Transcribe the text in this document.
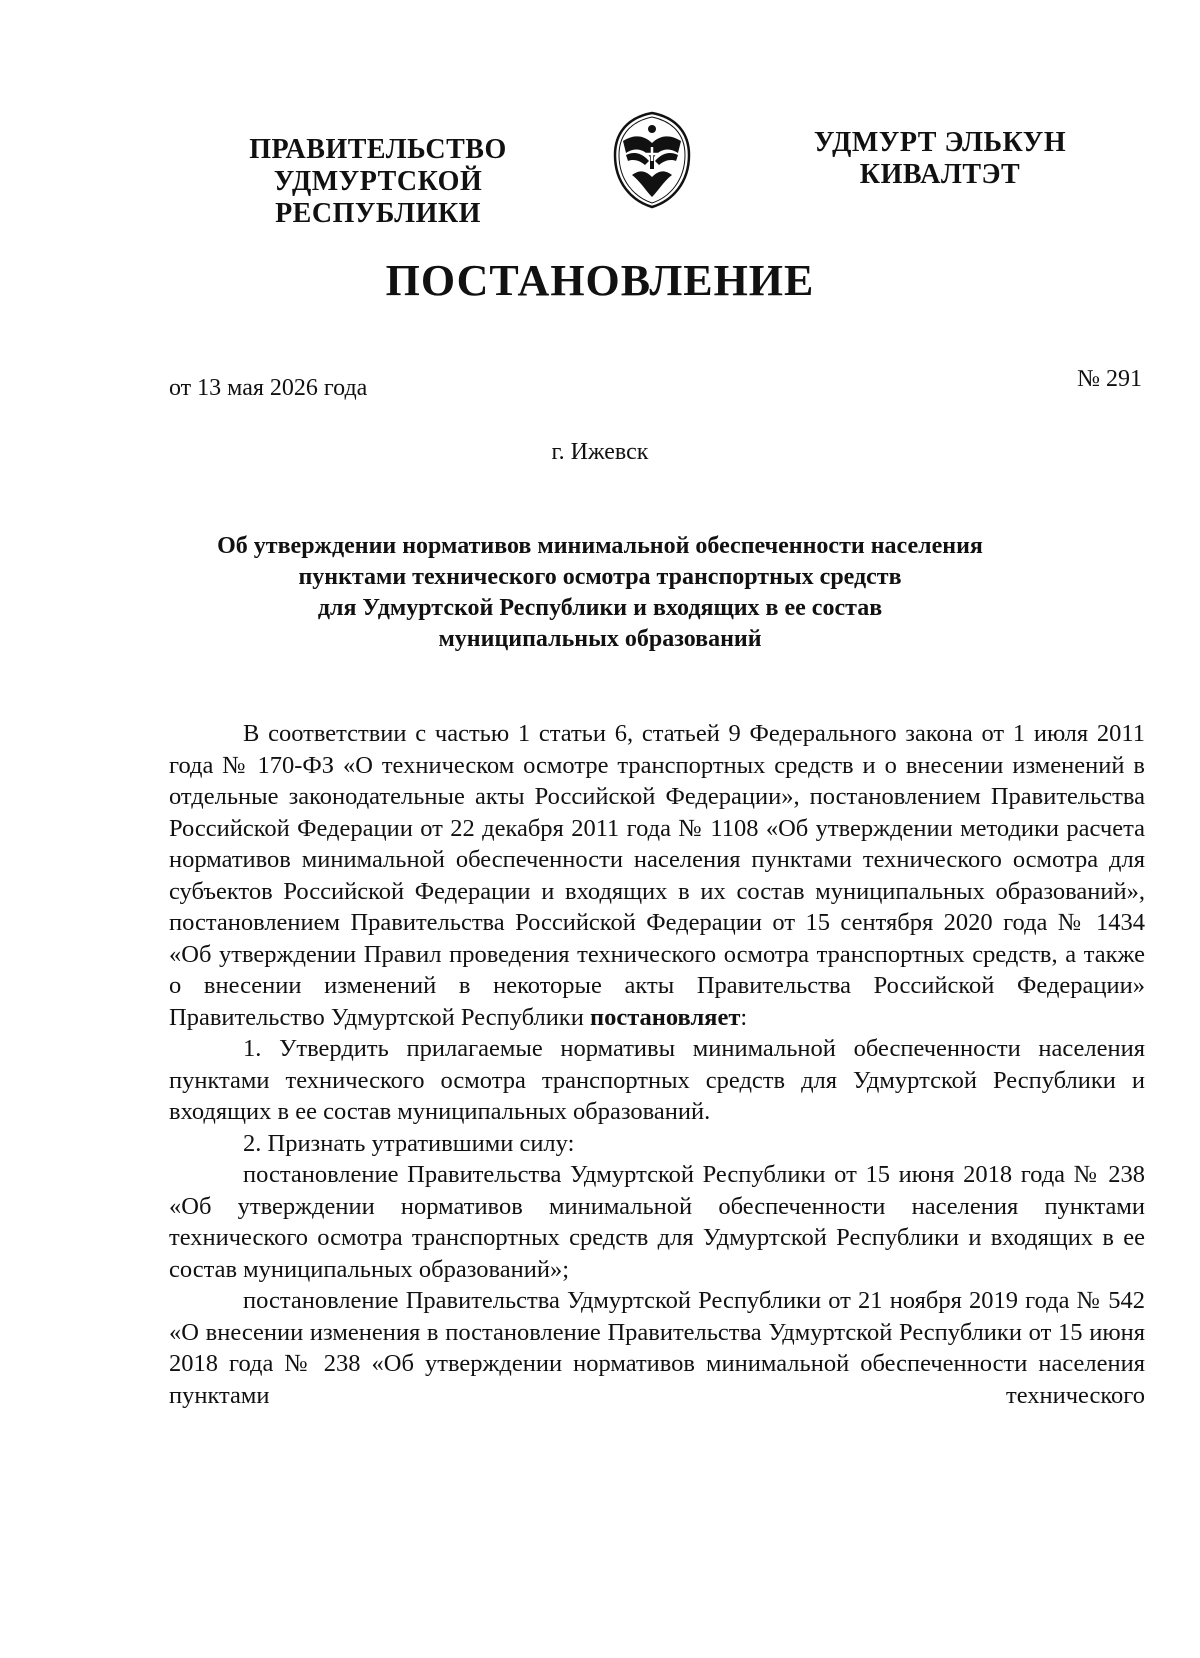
ПРАВИТЕЛЬСТВО
УДМУРТСКОЙ РЕСПУБЛИКИ
УДМУРТ ЭЛЬКУН
КИВАЛТЭТ
ПОСТАНОВЛЕНИЕ
от 13 мая 2026 года	№ 291
г. Ижевск
Об утверждении нормативов минимальной обеспеченности населения
пунктами технического осмотра транспортных средств
для Удмуртской Республики и входящих в ее состав
муниципальных образований

В соответствии с частью 1 статьи 6, статьей 9 Федерального закона от 1 июля 2011 года № 170-ФЗ «О техническом осмотре транспортных средств и о внесении изменений в отдельные законодательные акты Российской Федерации», постановлением Правительства Российской Федерации от 22 декабря 2011 года № 1108 «Об утверждении методики расчета нормативов минимальной обеспеченности населения пунктами технического осмотра для субъектов Российской Федерации и входящих в их состав муниципальных образований», постановлением Правительства Российской Федерации от 15 сентября 2020 года № 1434 «Об утверждении Правил проведения технического осмотра транспортных средств, а также о внесении изменений в некоторые акты Правительства Российской Федерации» Правительство Удмуртской Республики постановляет:

1. Утвердить прилагаемые нормативы минимальной обеспеченности населения пунктами технического осмотра транспортных средств для Удмуртской Республики и входящих в ее состав муниципальных образований.

2. Признать утратившими силу:

постановление Правительства Удмуртской Республики от 15 июня 2018 года № 238 «Об утверждении нормативов минимальной обеспеченности населения пунктами технического осмотра транспортных средств для Удмуртской Республики и входящих в ее состав муниципальных образований»;

постановление Правительства Удмуртской Республики от 21 ноября 2019 года № 542 «О внесении изменения в постановление Правительства Удмуртской Республики от 15 июня 2018 года № 238 «Об утверждении нормативов минимальной обеспеченности населения пунктами технического
